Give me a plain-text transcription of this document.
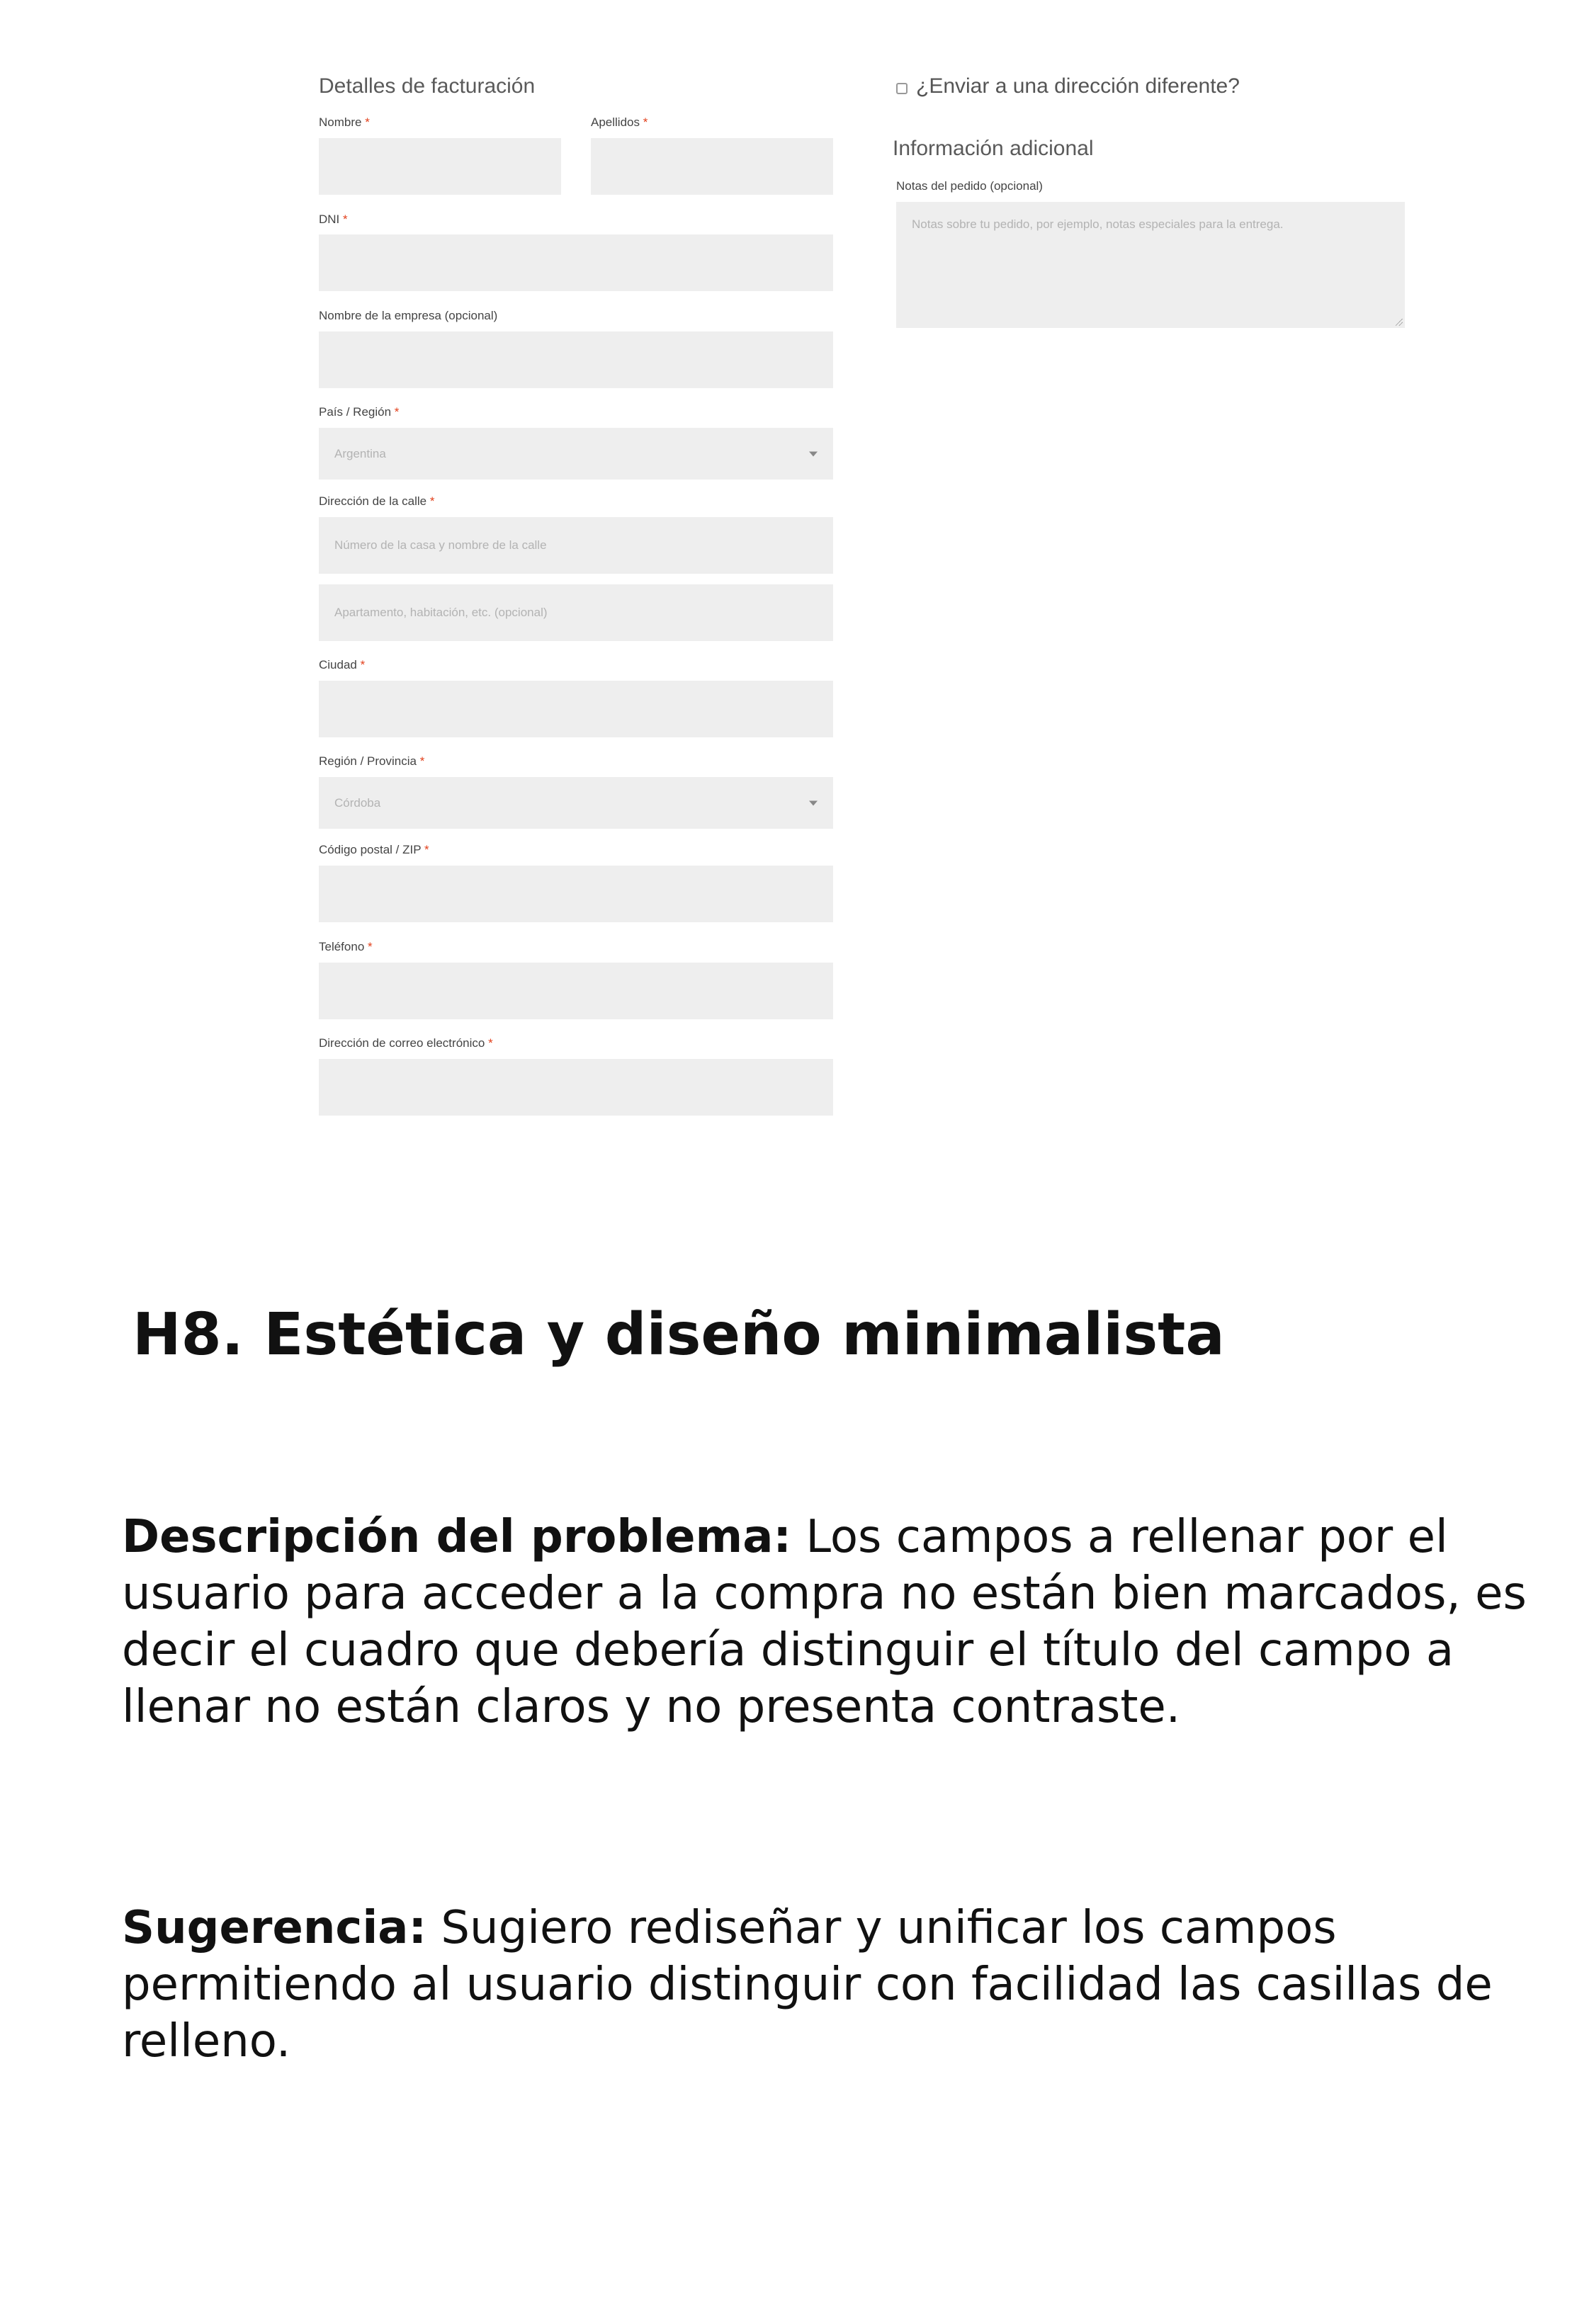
Detalles de facturación
Nombre *	Apellidos *
DNI *
Nombre de la empresa (opcional)
País / Región *
Argentina
Dirección de la calle *
Número de la casa y nombre de la calle
Apartamento, habitación, etc. (opcional)
Ciudad *
Región / Provincia *
Córdoba
Código postal / ZIP *
Teléfono *
Dirección de correo electrónico *
¿Enviar a una dirección diferente?
Información adicional
Notas del pedido (opcional)
Notas sobre tu pedido, por ejemplo, notas especiales para la entrega.
H8. Estética y diseño minimalista
Descripción del problema: Los campos a rellenar por el usuario para acceder a la compra no están bien marcados, es decir el cuadro que debería distinguir el título del campo a llenar no están claros y no presenta contraste.
Sugerencia: Sugiero rediseñar y unificar los campos permitiendo al usuario distinguir con facilidad las casillas de relleno.
